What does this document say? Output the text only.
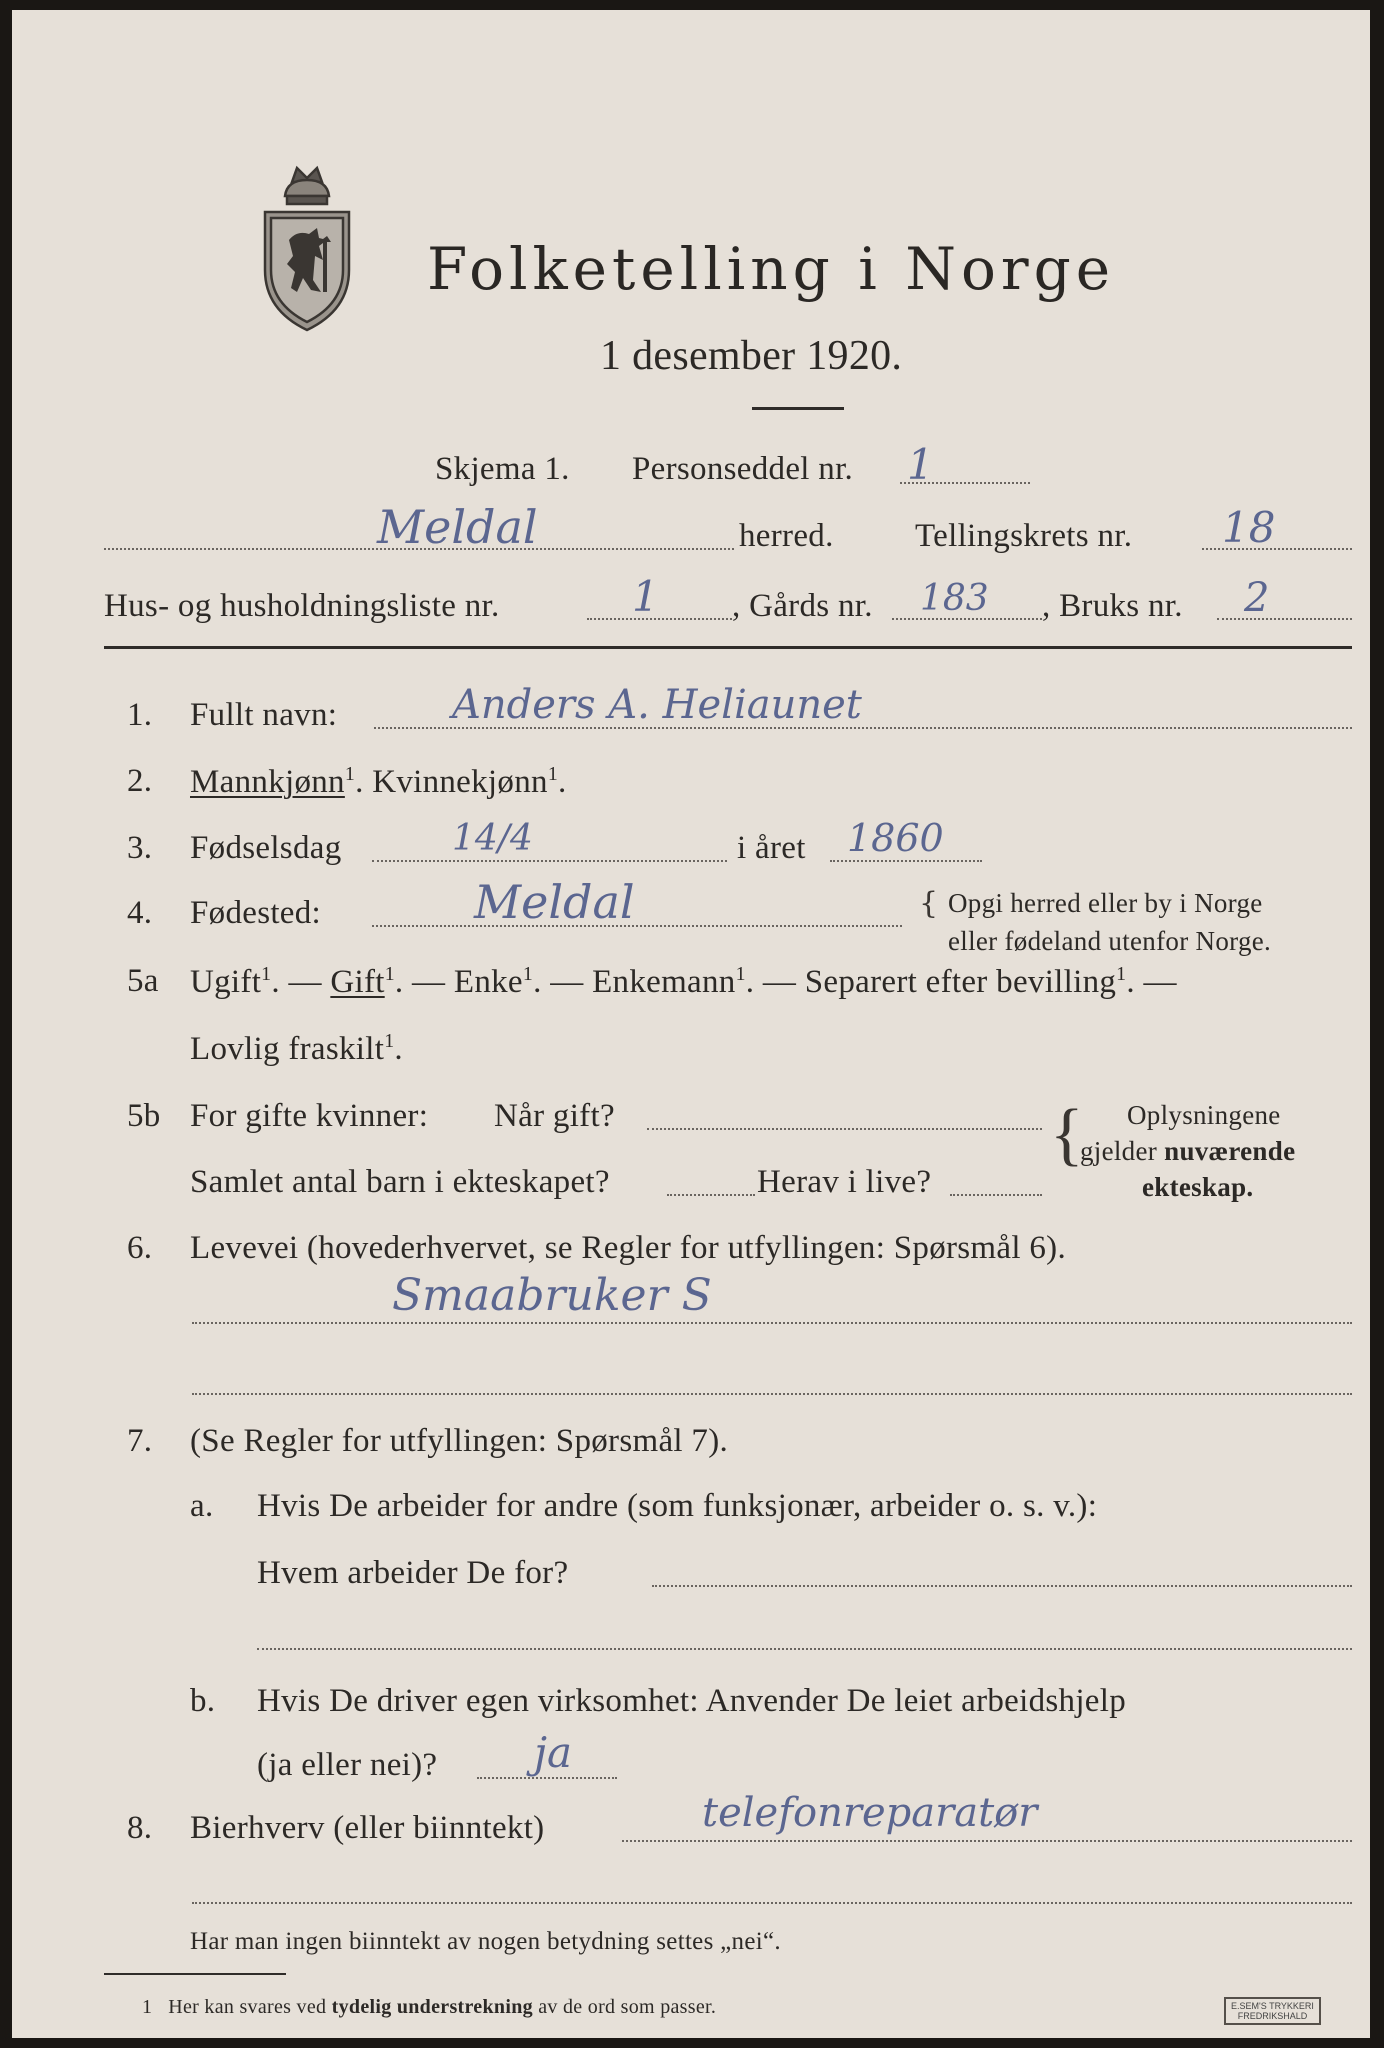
Folketelling i Norge
1 desember 1920.
Skjema 1. Personseddel nr. 1
Meldal	herred. Tellingskrets nr. 18
Hus- og husholdningsliste nr.	1 , Gårds nr. 183 , Bruks nr. 2
1. Fullt navn:	Anders A. Heliaunet
2. Mannkjønn$^1$. Kvinnekjønn$^1$.
3. Fødselsdag	14/4	i året 1860
4. Fødested:	Meldal	{ Opgi herred eller by i Norge
eller fødeland utenfor Norge.
5a Ugift$^1$. — Gift$^1$. — Enke$^1$. — Enkemann$^1$. — Separert efter bevilling$^1$. —
Lovlig fraskilt$^1$.
5b For gifte kvinner: Når gift?
Samlet antal barn i ekteskapet?	Herav i live?
{ Oplysningene
gjelder nuværende
ekteskap.
6. Levevei (hovederhvervet, se Regler for utfyllingen: Spørsmål 6).
Smaabruker S
7. (Se Regler for utfyllingen: Spørsmål 7).
a. Hvis De arbeider for andre (som funksjonær, arbeider o. s. v.):
Hvem arbeider De for?
b. Hvis De driver egen virksomhet: Anvender De leiet arbeidshjelp
(ja eller nei)? ja
8. Bierhverv (eller biinntekt)	telefonreparatør
Har man ingen biinntekt av nogen betydning settes „nei“.
1 Her kan svares ved tydelig understrekning av de ord som passer.	E.SEM'S TRYKKERI
FREDRIKSHALD
